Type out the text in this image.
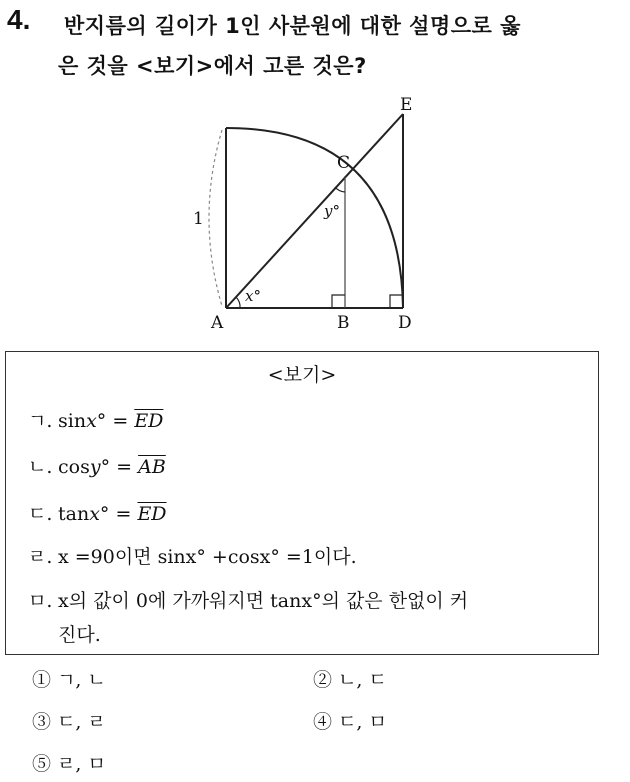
4. 반지름의 길이가 1인 사분원에 대한 설명으로 옳
은 것을 <보기>에서 고른 것은?
A	B	D
C
E
1
x°
y°
<보기>
ㄱ. $\sin x^\circ = \overline{ED}$
ㄴ. $\cos y^\circ = \overline{AB}$
ㄷ. $\tan x^\circ = \overline{ED}$
ㄹ. x =90이면 sinx° +cosx° =1이다.
ㅁ. x의 값이 0에 가까워지면 tanx°의 값은 한없이 커
진다.
① ㄱ, ㄴ	② ㄴ, ㄷ
③ ㄷ, ㄹ	④ ㄷ, ㅁ
⑤ ㄹ, ㅁ
